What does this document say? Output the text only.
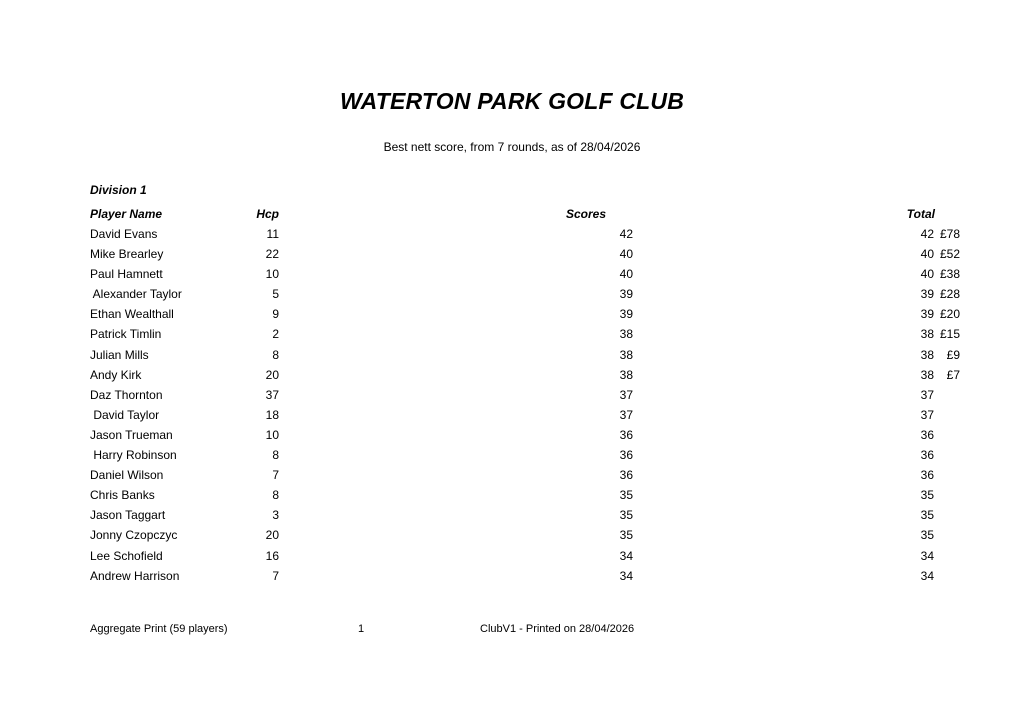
WATERTON PARK GOLF CLUB
Best nett score, from 7 rounds, as of 28/04/2026
Division 1
Player Name	Hcp	Scores	Total
David Evans	11	42	42 £78
Mike Brearley	22	40	40 £52
Paul Hamnett	10	40	40 £38
Alexander Taylor	5	39	39 £28
Ethan Wealthall	9	39	39 £20
Patrick Timlin	2	38	38 £15
Julian Mills	8	38	38	£9
Andy Kirk	20	38	38	£7
Daz Thornton	37	37	37
David Taylor	18	37	37
Jason Trueman	10	36	36
Harry Robinson	8	36	36
Daniel Wilson	7	36	36
Chris Banks	8	35	35
Jason Taggart	3	35	35
Jonny Czopczyc	20	35	35
Lee Schofield	16	34	34
Andrew Harrison	7	34	34
Aggregate Print (59 players)	1	ClubV1 - Printed on 28/04/2026
